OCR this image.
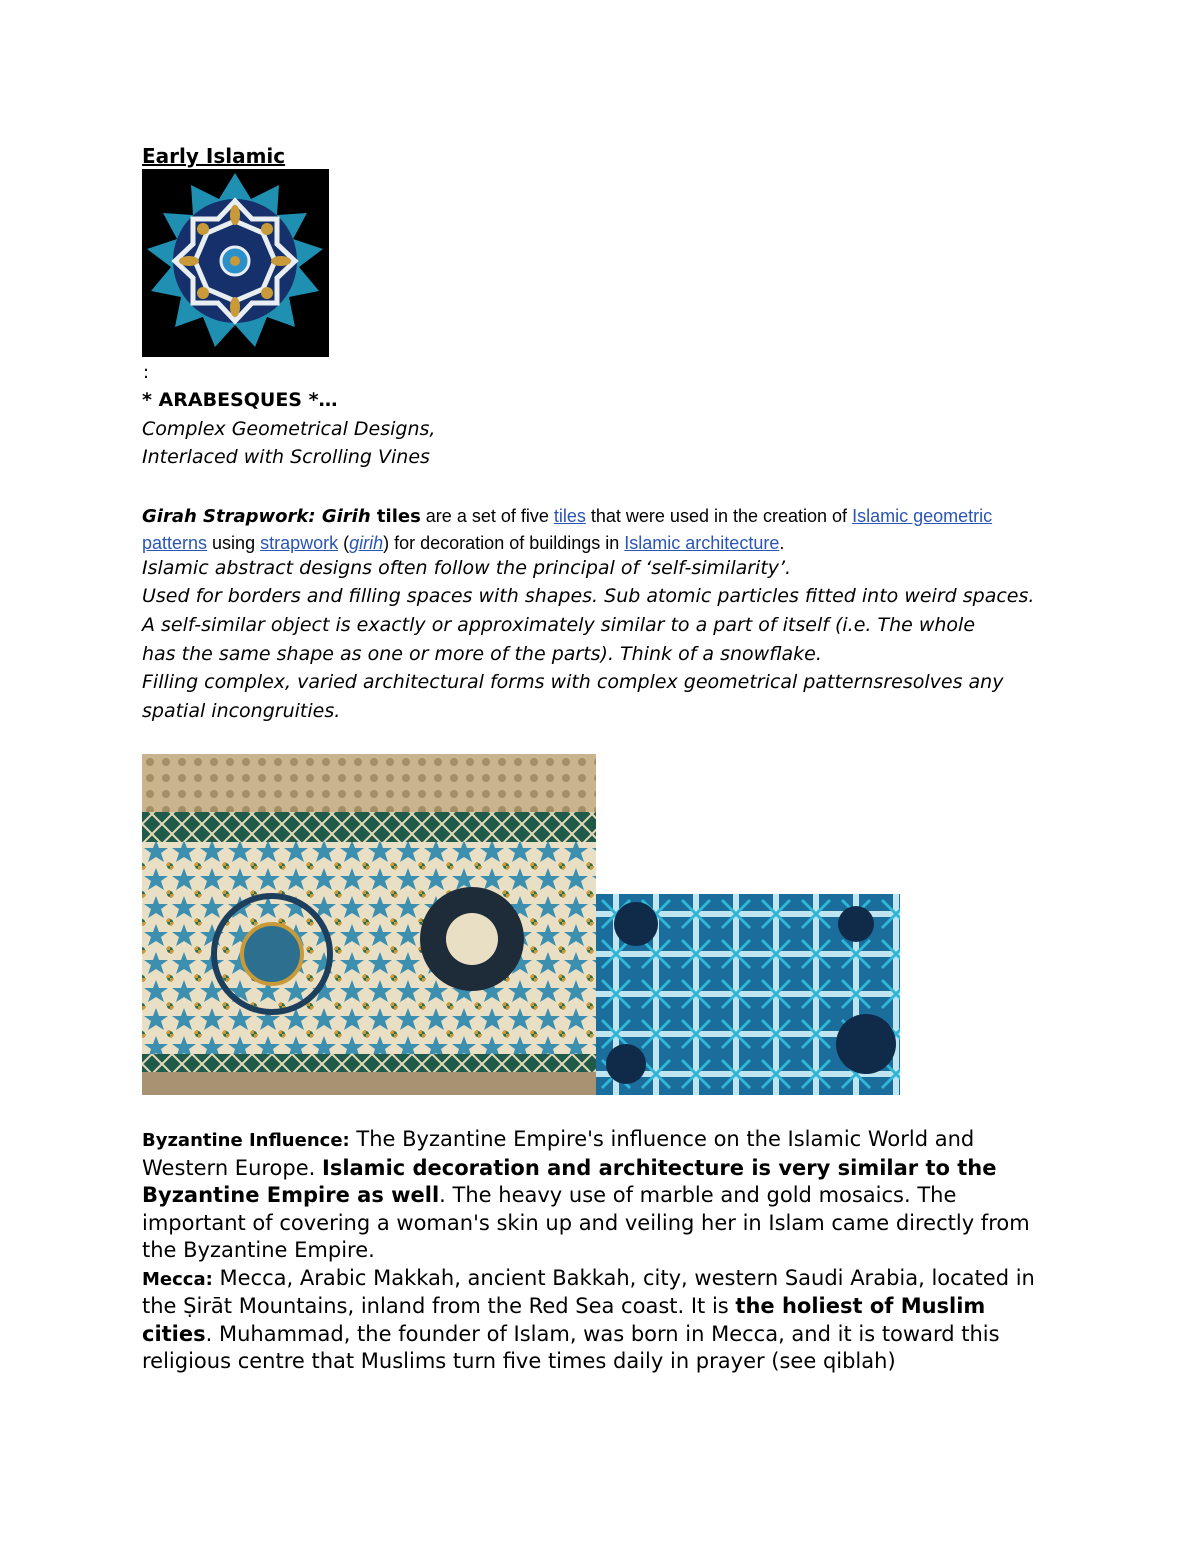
Early Islamic
:
* ARABESQUES *…
Complex Geometrical Designs,
Interlaced with Scrolling Vines
Girah Strapwork: Girih tiles are a set of five tiles that were used in the creation of Islamic geometric patterns using strapwork (girih) for decoration of buildings in Islamic architecture.
Islamic abstract designs often follow the principal of ‘self-similarity’.
Used for borders and filling spaces with shapes. Sub atomic particles fitted into weird spaces.
A self-similar object is exactly or approximately similar to a part of itself (i.e. The whole
has the same shape as one or more of the parts). Think of a snowflake.
Filling complex, varied architectural forms with complex geometrical patternsresolves any
spatial incongruities.
Byzantine Influence: The Byzantine Empire's influence on the Islamic World and Western Europe. Islamic decoration and architecture is very similar to the Byzantine Empire as well. The heavy use of marble and gold mosaics. The important of covering a woman's skin up and veiling her in Islam came directly from the Byzantine Empire.
Mecca: Mecca, Arabic Makkah, ancient Bakkah, city, western Saudi Arabia, located in the Ṣirāt Mountains, inland from the Red Sea coast. It is the holiest of Muslim cities. Muhammad, the founder of Islam, was born in Mecca, and it is toward this religious centre that Muslims turn five times daily in prayer (see qiblah)
